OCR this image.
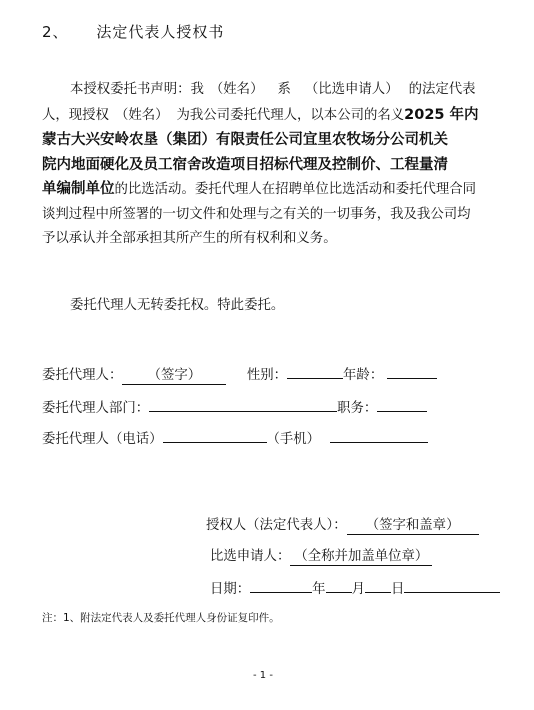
2、 法定代表人授权书
本授权委托书声明：我 （姓名） 系 （比选申请人） 的法定代表
人，现授权 （姓名） 为我公司委托代理人，以本公司的名义2025 年内
蒙古大兴安岭农垦（集团）有限责任公司宜里农牧场分公司机关
院内地面硬化及员工宿舍改造项目招标代理及控制价、工程量清
单编制单位的比选活动。委托代理人在招聘单位比选活动和委托代理合同
谈判过程中所签署的一切文件和处理与之有关的一切事务，我及我公司均
予以承认并全部承担其所产生的所有权利和义务。
委托代理人无转委托权。特此委托。
委托代理人： （签字）	性别：	年龄：
委托代理人部门：	职务：
委托代理人（电话）	（手机）
授权人（法定代表人）： （签字和盖章）
比选申请人： （全称并加盖单位章）
日期：	年 月 日
注：1、附法定代表人及委托代理人身份证复印件。
- 1 -
